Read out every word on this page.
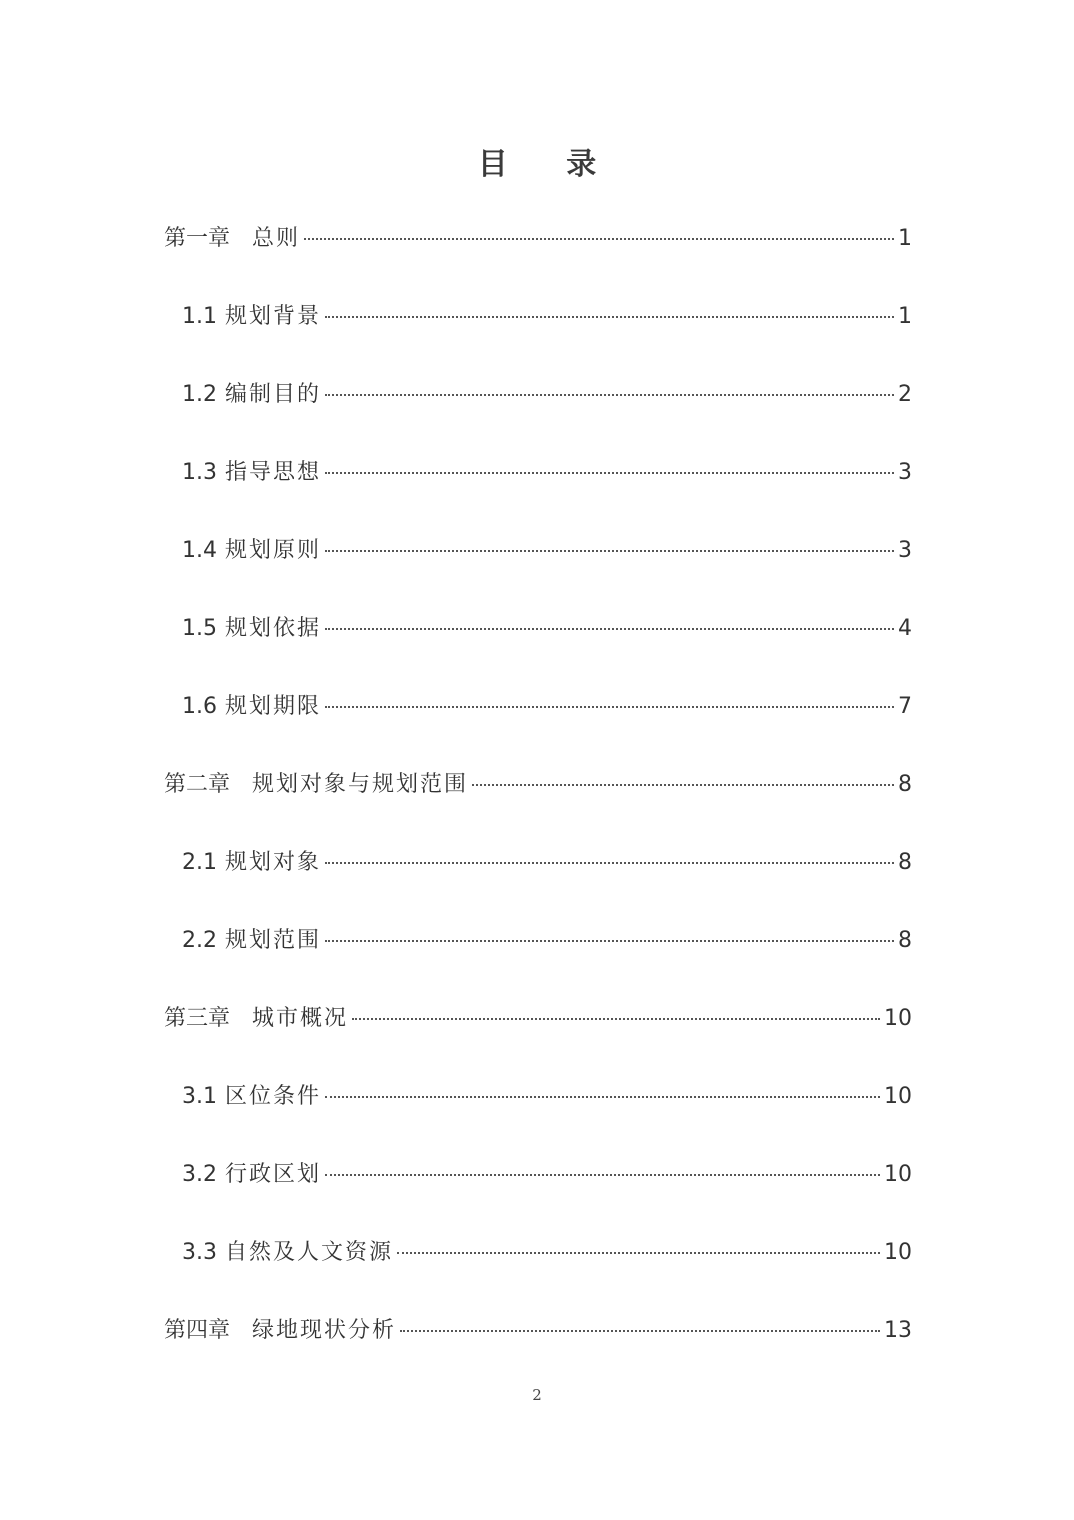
目 录
第一章 总则	1
1.1 规划背景	1
1.2 编制目的	2
1.3 指导思想	3
1.4 规划原则	3
1.5 规划依据	4
1.6 规划期限	7
第二章 规划对象与规划范围	8
2.1 规划对象	8
2.2 规划范围	8
第三章 城市概况	10
3.1 区位条件	10
3.2 行政区划	10
3.3 自然及人文资源	10
第四章 绿地现状分析	13
2
